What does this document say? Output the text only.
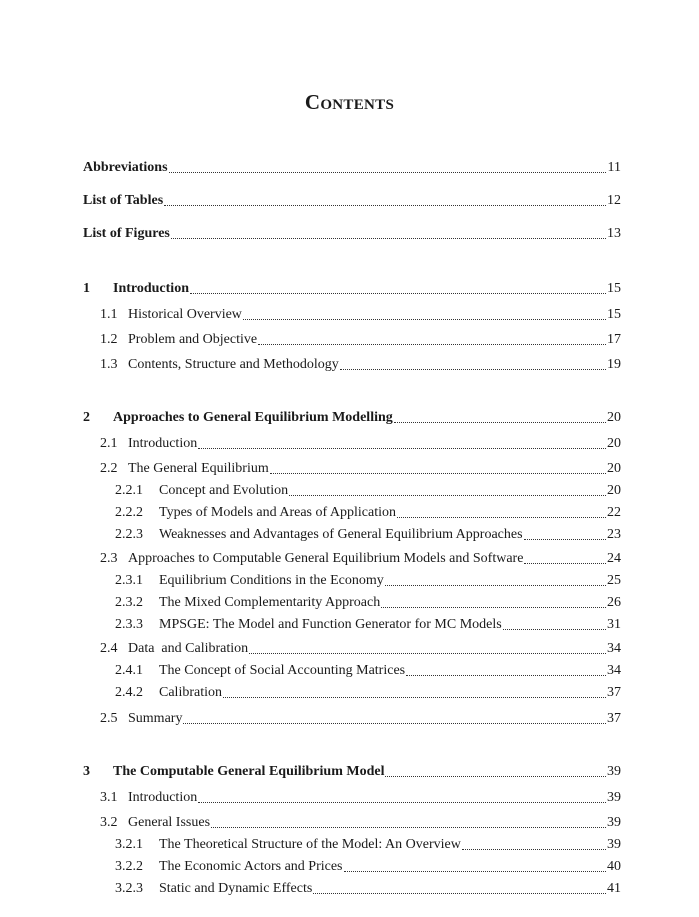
Contents
Abbreviations	11
List of Tables	12
List of Figures	13
1	Introduction	15
1.1 Historical Overview	15
1.2 Problem and Objective	17
1.3 Contents, Structure and Methodology	19
2	Approaches to General Equilibrium Modelling	20
2.1 Introduction	20
2.2 The General Equilibrium	20
2.2.1	Concept and Evolution	20
2.2.2	Types of Models and Areas of Application	22
2.2.3	Weaknesses and Advantages of General Equilibrium Approaches	23
2.3 Approaches to Computable General Equilibrium Models and Software	24
2.3.1	Equilibrium Conditions in the Economy	25
2.3.2	The Mixed Complementarity Approach	26
2.3.3	MPSGE: The Model and Function Generator for MC Models	31
2.4 Data  and Calibration	34
2.4.1	The Concept of Social Accounting Matrices	34
2.4.2	Calibration	37
2.5 Summary	37
3	The Computable General Equilibrium Model	39
3.1 Introduction	39
3.2 General Issues	39
3.2.1	The Theoretical Structure of the Model: An Overview	39
3.2.2	The Economic Actors and Prices	40
3.2.3	Static and Dynamic Effects	41
